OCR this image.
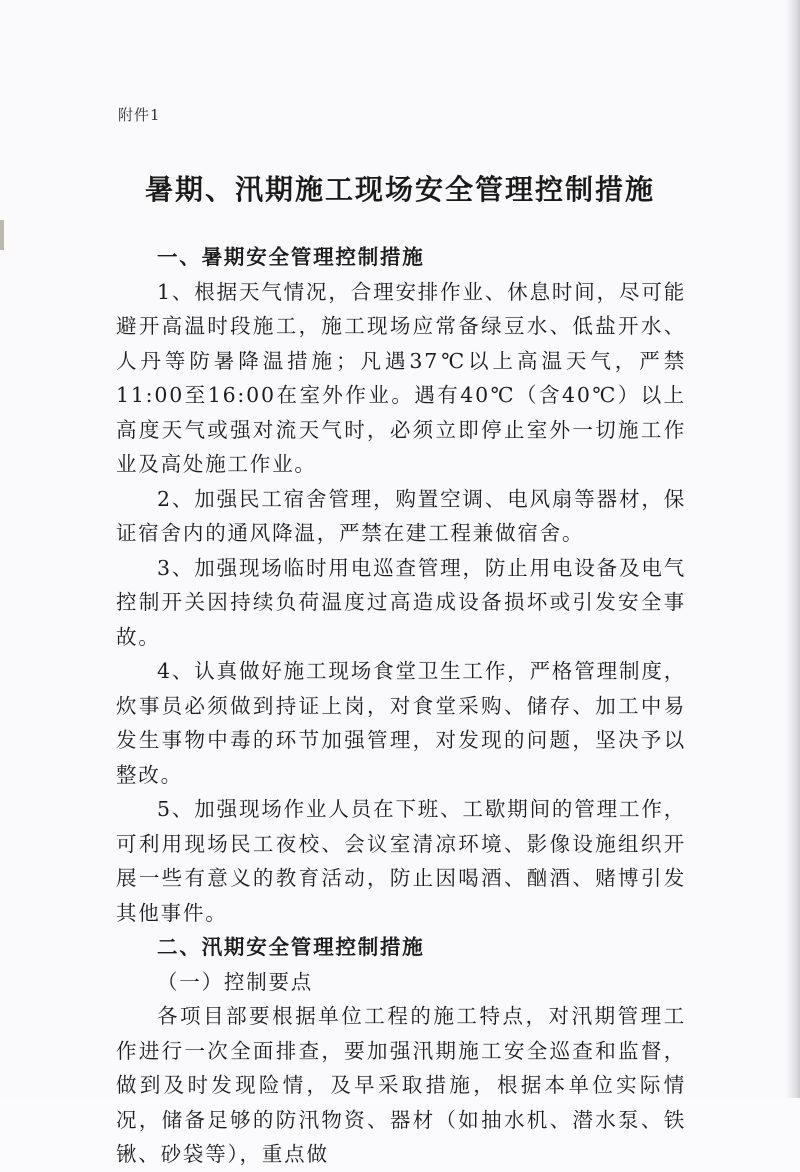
附件1
暑期、汛期施工现场安全管理控制措施

一、暑期安全管理控制措施

1、根据天气情况，合理安排作业、休息时间，尽可能避开高温时段施工，施工现场应常备绿豆水、低盐开水、人丹等防暑降温措施；凡遇37℃以上高温天气，严禁11:00至16:00在室外作业。遇有40℃（含40℃）以上高度天气或强对流天气时，必须立即停止室外一切施工作业及高处施工作业。

2、加强民工宿舍管理，购置空调、电风扇等器材，保证宿舍内的通风降温，严禁在建工程兼做宿舍。

3、加强现场临时用电巡查管理，防止用电设备及电气控制开关因持续负荷温度过高造成设备损坏或引发安全事故。

4、认真做好施工现场食堂卫生工作，严格管理制度，炊事员必须做到持证上岗，对食堂采购、储存、加工中易发生事物中毒的环节加强管理，对发现的问题，坚决予以整改。

5、加强现场作业人员在下班、工歇期间的管理工作，可利用现场民工夜校、会议室清凉环境、影像设施组织开展一些有意义的教育活动，防止因喝酒、酗酒、赌博引发其他事件。

二、汛期安全管理控制措施

（一）控制要点

各项目部要根据单位工程的施工特点，对汛期管理工作进行一次全面排查，要加强汛期施工安全巡查和监督，做到及时发现险情，及早采取措施，根据本单位实际情况，储备足够的防汛物资、器材（如抽水机、潜水泵、铁锹、砂袋等），重点做
